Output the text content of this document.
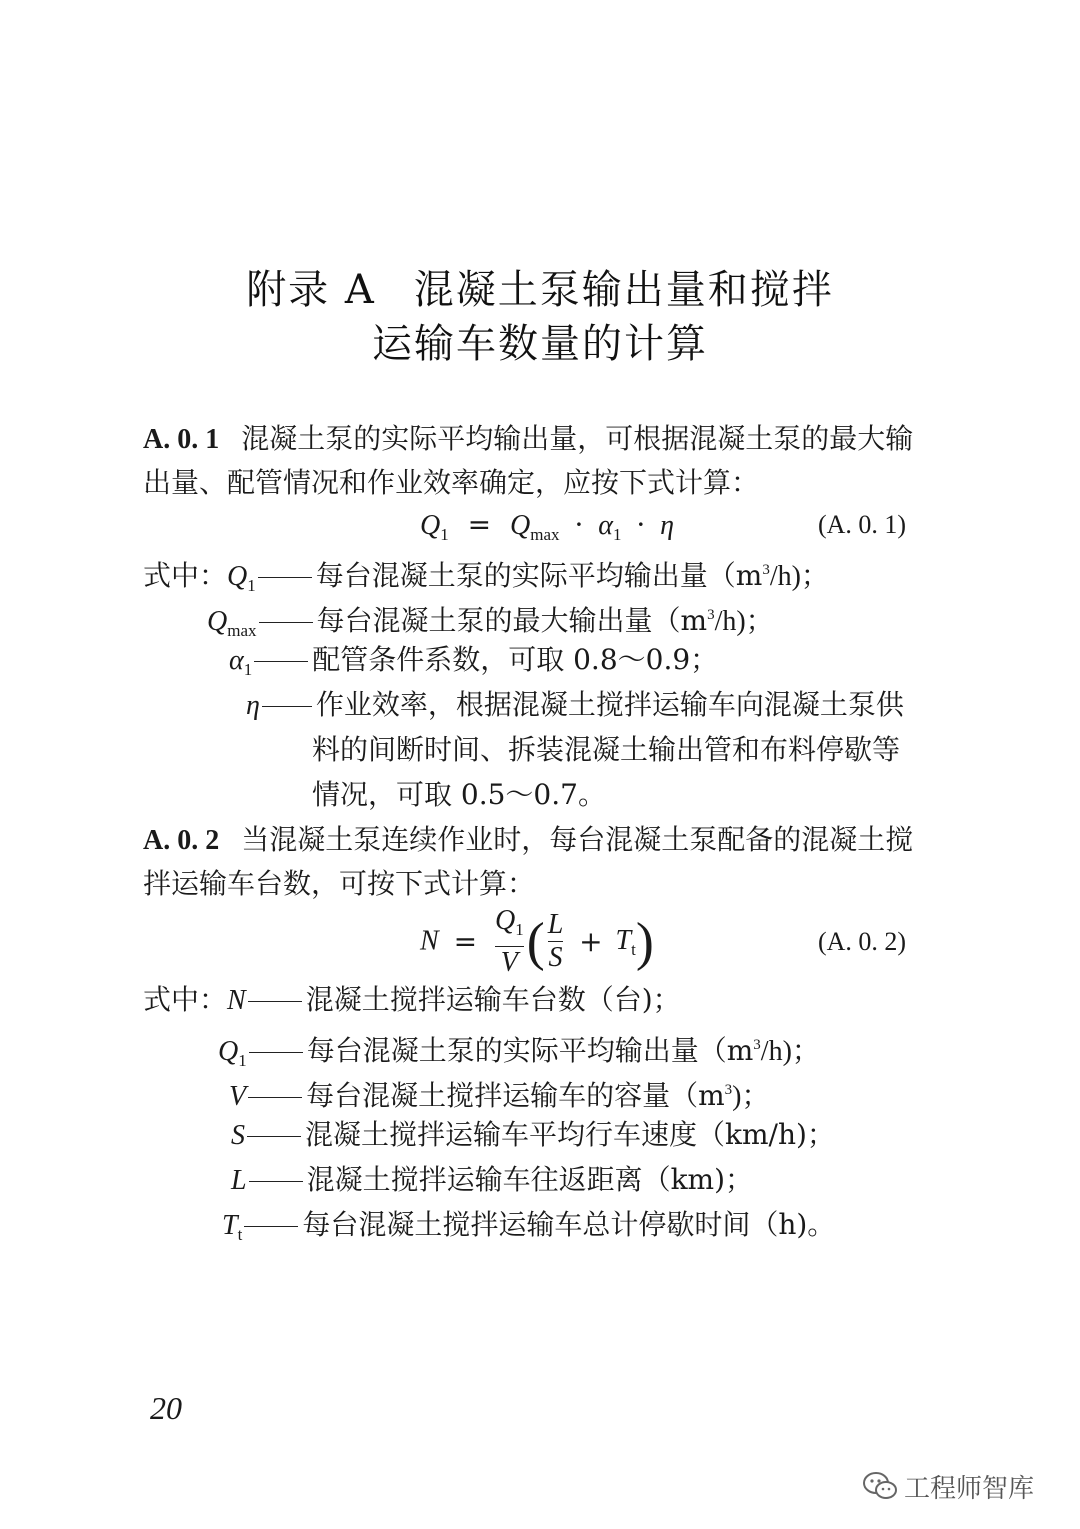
附录 A 混凝土泵输出量和搅拌
运输车数量的计算
A. 0. 1 混凝土泵的实际平均输出量，可根据混凝土泵的最大输
出量、配管情况和作业效率确定，应按下式计算：
$Q_1 = Q_{max} \cdot \alpha_1 \cdot \eta$	(A. 0. 1)
式中：$Q_1$ 每台混凝土泵的实际平均输出量$(m^3/h)$；
$Q_{max}$ 每台混凝土泵的最大输出量$(m^3/h)$；
$\alpha_1$ 配管条件系数，可取 0.8～0.9；
η 作业效率，根据混凝土搅拌运输车向混凝土泵供
料的间断时间、拆装混凝土输出管和布料停歇等
情况，可取 0.5～0.7。
A. 0. 2 当混凝土泵连续作业时，每台混凝土泵配备的混凝土搅
拌运输车台数，可按下式计算：
$N = \frac{Q_1}{V}$ ( $\frac{L}{S} + T_t$)	(A. 0. 2)
式中：N 混凝土搅拌运输车台数（台)；
$Q_1$ 每台混凝土泵的实际平均输出量$(m^3/h)$；
V 每台混凝土搅拌运输车的容量$(m^3)$；
S 混凝土搅拌运输车平均行车速度（km/h)；
L 混凝土搅拌运输车往返距离（km)；
$T_t$ 每台混凝土搅拌运输车总计停歇时间（h)。
20
工程师智库
